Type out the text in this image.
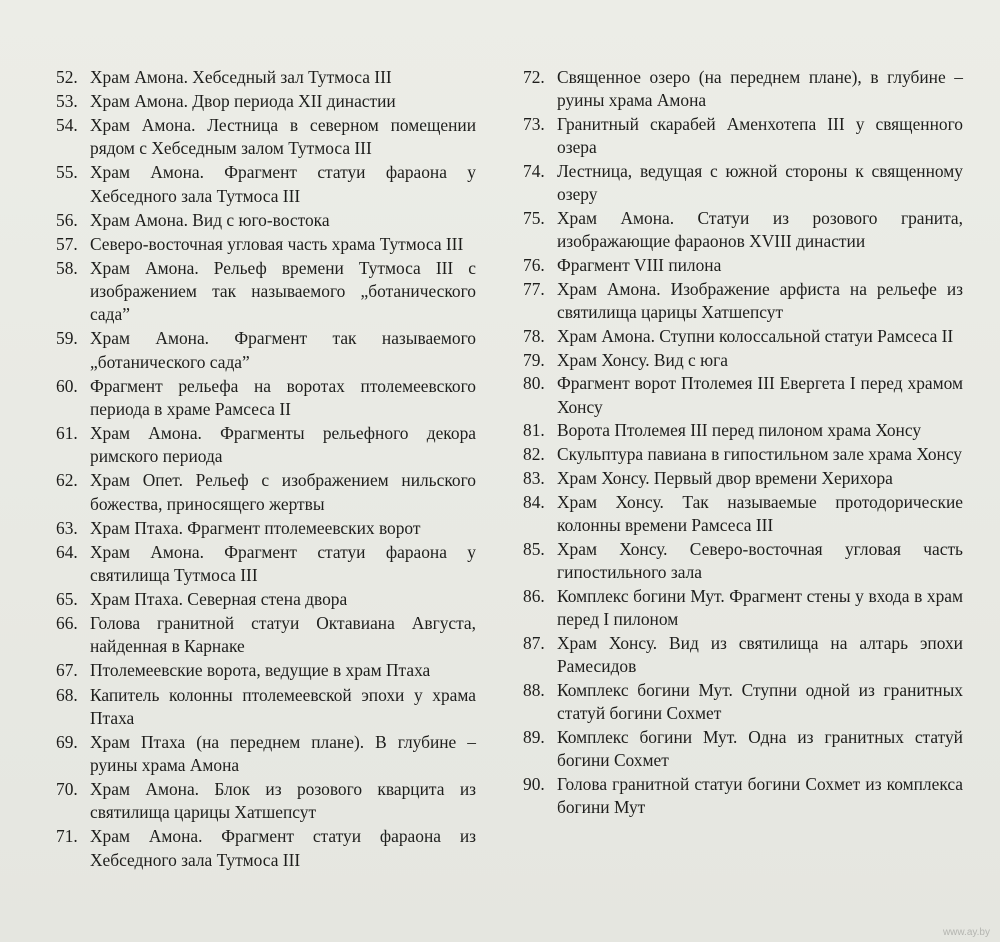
52. Храм Амона. Хебседный зал Тутмоса III
53. Храм Амона. Двор периода XII династии
54. Храм Амона. Лестница в северном помещении рядом с Хебседным залом Тутмоса III
55. Храм Амона. Фрагмент статуи фараона у Хебседного зала Тутмоса III
56. Храм Амона. Вид с юго-востока
57. Северо-восточная угловая часть храма Тутмоса III
58. Храм Амона. Рельеф времени Тутмоса III с изображением так называемого „ботанического сада”
59. Храм Амона. Фрагмент так называемого „ботанического сада”
60. Фрагмент рельефа на воротах птолемеевского периода в храме Рамсеса II
61. Храм Амона. Фрагменты рельефного декора римского периода
62. Храм Опет. Рельеф с изображением нильского божества, приносящего жертвы
63. Храм Птаха. Фрагмент птолемеевских ворот
64. Храм Амона. Фрагмент статуи фараона у святилища Тутмоса III
65. Храм Птаха. Северная стена двора
66. Голова гранитной статуи Октавиана Августа, найденная в Карнаке
67. Птолемеевские ворота, ведущие в храм Птаха
68. Капитель колонны птолемеевской эпохи у храма Птаха
69. Храм Птаха (на переднем плане). В глубине – руины храма Амона
70. Храм Амона. Блок из розового кварцита из святилища царицы Хатшепсут
71. Храм Амона. Фрагмент статуи фараона из Хебседного зала Тутмоса III
72. Священное озеро (на переднем плане), в глубине – руины храма Амона
73. Гранитный скарабей Аменхотепа III у священного озера
74. Лестница, ведущая с южной стороны к священному озеру
75. Храм Амона. Статуи из розового гранита, изображающие фараонов XVIII династии
76. Фрагмент VIII пилона
77. Храм Амона. Изображение арфиста на рельефе из святилища царицы Хатшепсут
78. Храм Амона. Ступни колоссальной статуи Рамсеса II
79. Храм Хонсу. Вид с юга
80. Фрагмент ворот Птолемея III Евергета I перед храмом Хонсу
81. Ворота Птолемея III перед пилоном храма Хонсу
82. Скульптура павиана в гипостильном зале храма Хонсу
83. Храм Хонсу. Первый двор времени Херихора
84. Храм Хонсу. Так называемые протодорические колонны времени Рамсеса III
85. Храм Хонсу. Северо-восточная угловая часть гипостильного зала
86. Комплекс богини Мут. Фрагмент стены у входа в храм перед I пилоном
87. Храм Хонсу. Вид из святилища на алтарь эпохи Рамесидов
88. Комплекс богини Мут. Ступни одной из гранитных статуй богини Сохмет
89. Комплекс богини Мут. Одна из гранитных статуй богини Сохмет
90. Голова гранитной статуи богини Сохмет из комплекса богини Мут
www.ay.by
